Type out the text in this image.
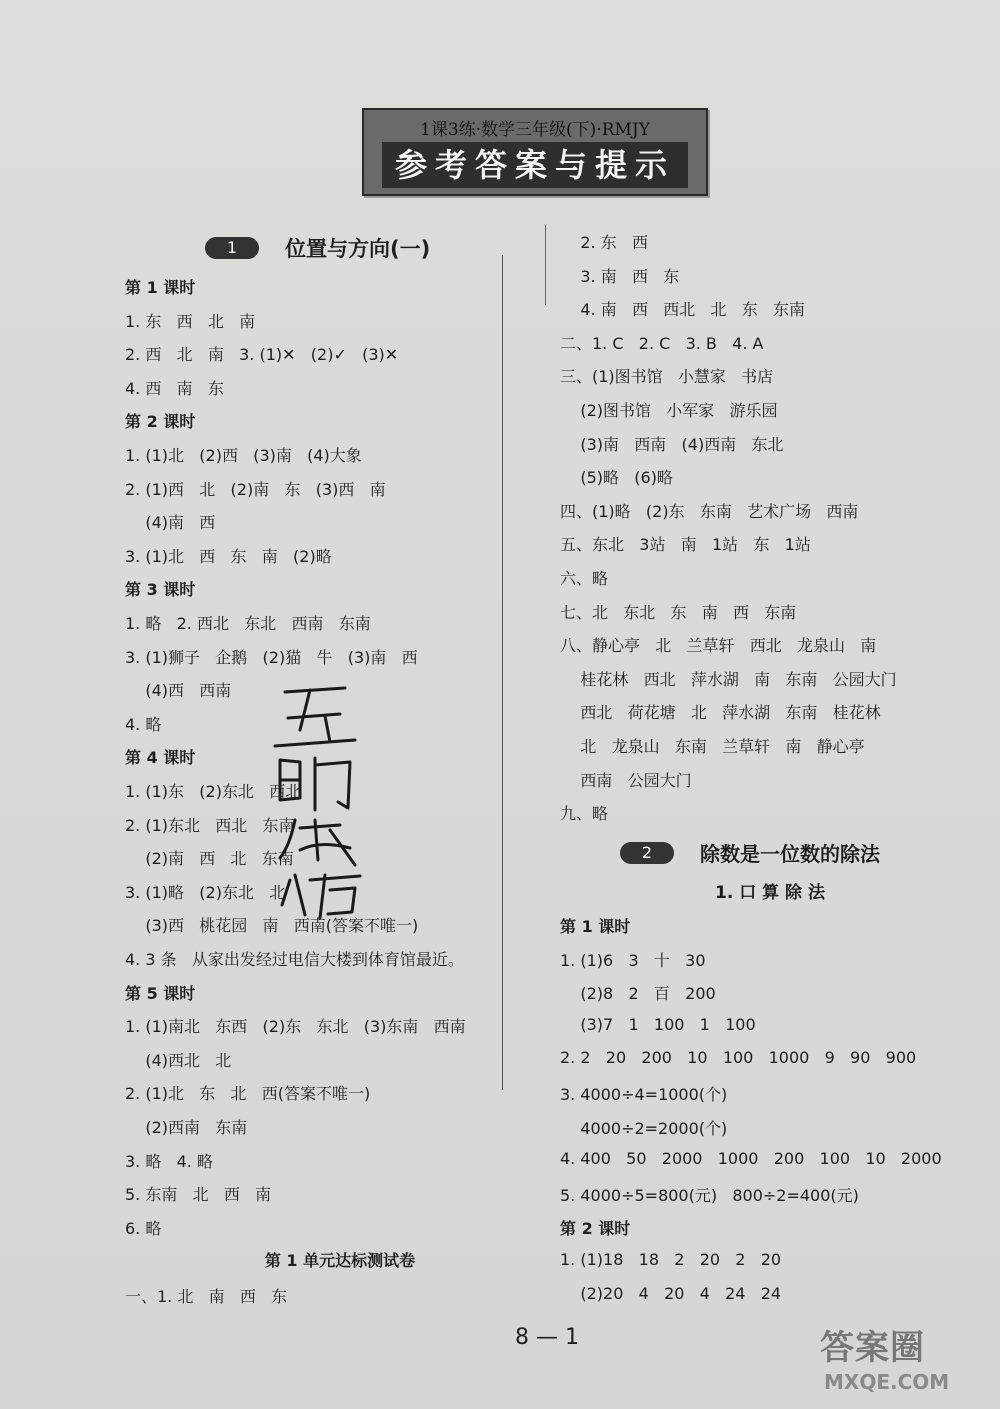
1课3练·数学三年级(下)·RMJY
参考答案与提示
1	位置与方向(一)
第 1 课时
1. 东   西   北   南
2. 西   北   南   3. (1)✕   (2)✓   (3)✕
4. 西   南   东
第 2 课时
1. (1)北   (2)西   (3)南   (4)大象
2. (1)西   北   (2)南   东   (3)西   南
(4)南   西
3. (1)北   西   东   南   (2)略
第 3 课时
1. 略   2. 西北   东北   西南   东南
3. (1)狮子   企鹅   (2)猫   牛   (3)南   西
(4)西   西南
4. 略
第 4 课时
1. (1)东   (2)东北   西北
2. (1)东北   西北   东南
(2)南   西   北   东南
3. (1)略   (2)东北   北
(3)西   桃花园   南   西南(答案不唯一)
4. 3 条   从家出发经过电信大楼到体育馆最近。
第 5 课时
1. (1)南北   东西   (2)东   东北   (3)东南   西南
(4)西北   北
2. (1)北   东   北   西(答案不唯一)
(2)西南   东南
3. 略   4. 略
5. 东南   北   西   南
6. 略
第 1 单元达标测试卷
一、1. 北   南   西   东
2. 东   西
3. 南   西   东
4. 南   西   西北   北   东   东南
二、1. C   2. C   3. B   4. A
三、(1)图书馆   小慧家   书店
(2)图书馆   小军家   游乐园
(3)南   西南   (4)西南   东北
(5)略   (6)略
四、(1)略   (2)东   东南   艺术广场   西南
五、东北   3站   南   1站   东   1站
六、略
七、北   东北   东   南   西   东南
八、静心亭   北   兰草轩   西北   龙泉山   南
桂花林   西北   萍水湖   南   东南   公园大门
西北   荷花塘   北   萍水湖   东南   桂花林
北   龙泉山   东南   兰草轩   南   静心亭
西南   公园大门
九、略
2	除数是一位数的除法
1. 口 算 除 法
第 1 课时
1. (1)6   3   十   30
(2)8   2   百   200
(3)7   1   100   1   100
2. 2   20   200   10   100   1000   9   90   900
3. 4000÷4=1000(个)
4000÷2=2000(个)
4. 400   50   2000   1000   200   100   10   2000
5. 4000÷5=800(元)   800÷2=400(元)
第 2 课时
1. (1)18   18   2   20   2   20
(2)20   4   20   4   24   24
8 — 1	答案圈
MXQE.COM
